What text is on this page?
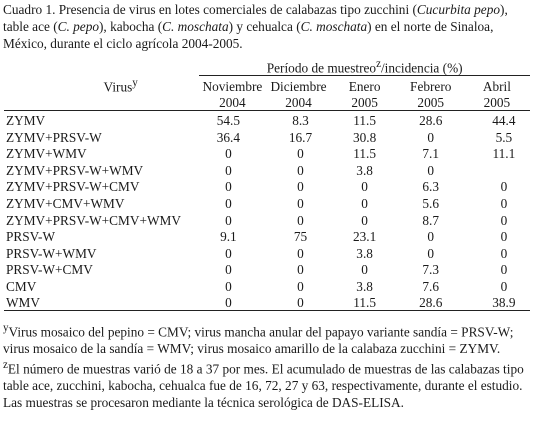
Cuadro 1. Presencia de virus en lotes comerciales de calabazas tipo zucchini (Cucurbita pepo), table ace (C. pepo), kabocha (C. moschata) y cehualca (C. moschata) en el norte de Sinaloa, México, durante el ciclo agrícola 2004-2005.

	Período de muestreo$^z$/incidencia (%)				
Virus$^y$	Noviembre	Diciembre	Enero	Febrero	Abril
	2004	2004	2005	2005	2005
ZYMV	54.5	8.3	11.5	28.6	44.4
ZYMV+PRSV-W	36.4	16.7	30.8	0	5.5
ZYMV+WMV	0	0	11.5	7.1	11.1
ZYMV+PRSV-W+WMV	0	0	3.8	0	
ZYMV+PRSV-W+CMV	0	0	0	6.3	0
ZYMV+CMV+WMV	0	0	0	5.6	0
ZYMV+PRSV-W+CMV+WMV	0	0	0	8.7	0
PRSV-W	9.1	75	23.1	0	0
PRSV-W+WMV	0	0	3.8	0	0
PRSV-W+CMV	0	0	0	7.3	0
CMV	0	0	3.8	7.6	0
WMV	0	0	11.5	28.6	38.9

$^y$Virus mosaico del pepino = CMV; virus mancha anular del papayo variante sandía = PRSV-W; virus mosaico de la sandía = WMV; virus mosaico amarillo de la calabaza zucchini = ZYMV.

$^z$El número de muestras varió de 18 a 37 por mes. El acumulado de muestras de las calabazas tipo table ace, zucchini, kabocha, cehualca fue de 16, 72, 27 y 63, respectivamente, durante el estudio. Las muestras se procesaron mediante la técnica serológica de DAS-ELISA.
